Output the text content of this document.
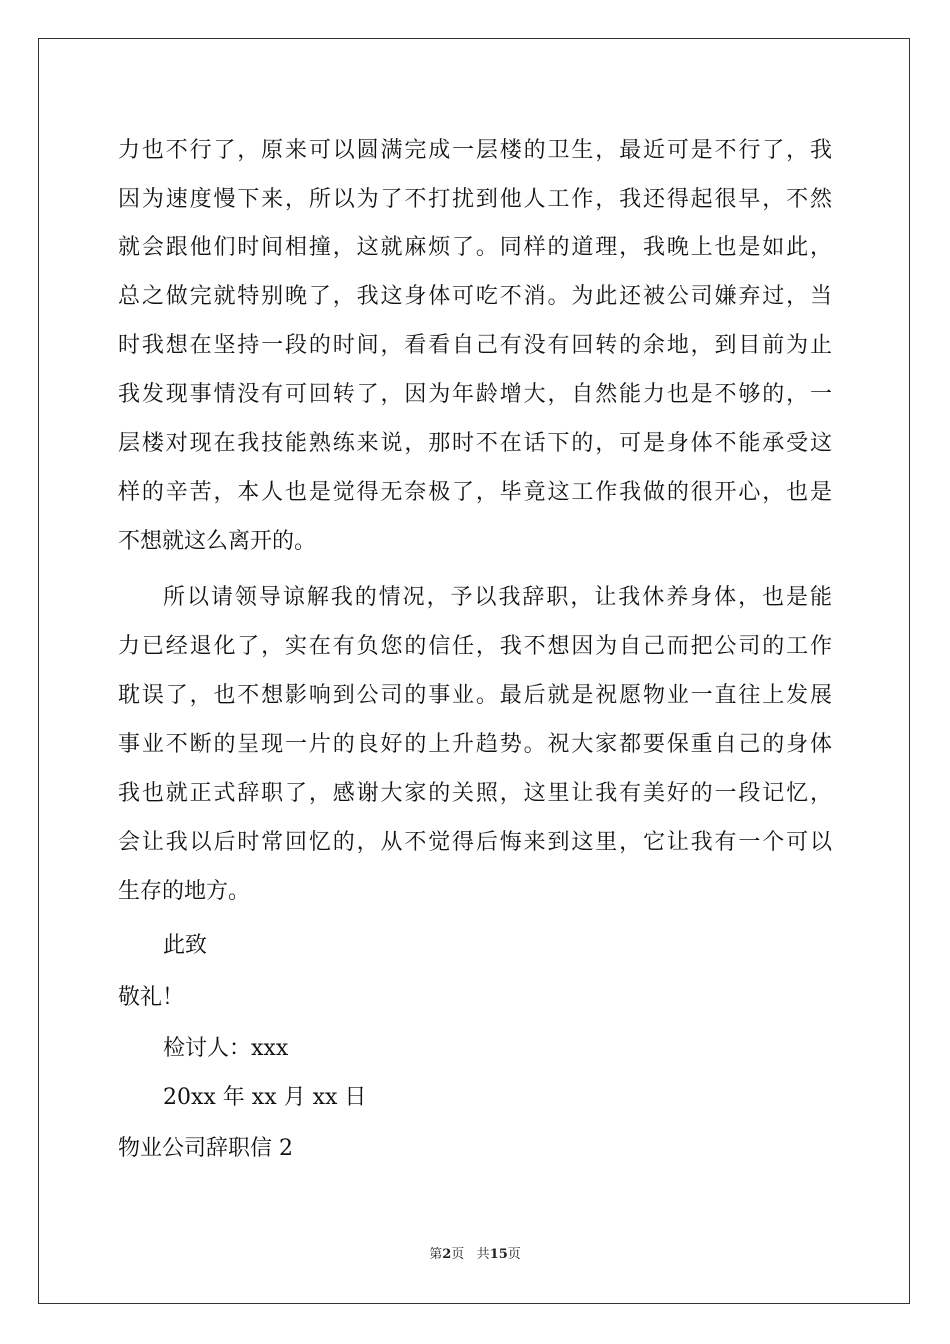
力也不行了，原来可以圆满完成一层楼的卫生，最近可是不行了，我
因为速度慢下来，所以为了不打扰到他人工作，我还得起很早，不然
就会跟他们时间相撞，这就麻烦了。同样的道理，我晚上也是如此，
总之做完就特别晚了，我这身体可吃不消。为此还被公司嫌弃过，当
时我想在坚持一段的时间，看看自己有没有回转的余地，到目前为止
我发现事情没有可回转了，因为年龄增大，自然能力也是不够的，一
层楼对现在我技能熟练来说，那时不在话下的，可是身体不能承受这
样的辛苦，本人也是觉得无奈极了，毕竟这工作我做的很开心，也是
不想就这么离开的。
所以请领导谅解我的情况，予以我辞职，让我休养身体，也是能
力已经退化了，实在有负您的信任，我不想因为自己而把公司的工作
耽误了，也不想影响到公司的事业。最后就是祝愿物业一直往上发展
事业不断的呈现一片的良好的上升趋势。祝大家都要保重自己的身体
我也就正式辞职了，感谢大家的关照，这里让我有美好的一段记忆，
会让我以后时常回忆的，从不觉得后悔来到这里，它让我有一个可以
生存的地方。
此致
敬礼！
检讨人：xxx
20xx 年 xx 月 xx 日
物业公司辞职信 2
第2页 共15页
